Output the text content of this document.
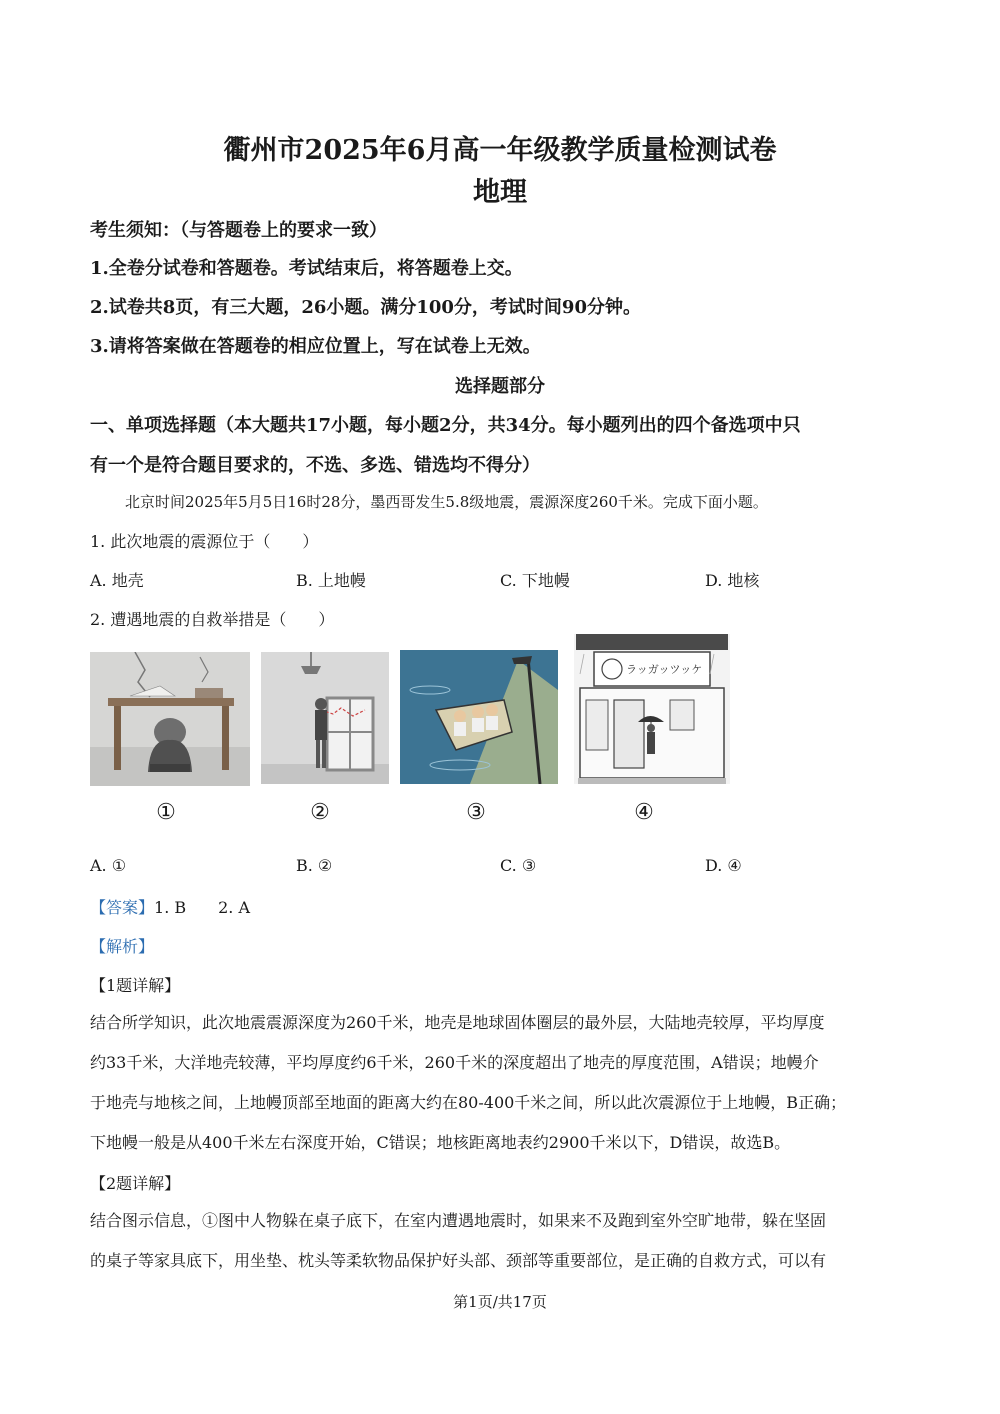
衢州市2025年6月高一年级教学质量检测试卷
地理
考生须知：（与答题卷上的要求一致）
1.全卷分试卷和答题卷。考试结束后，将答题卷上交。
2.试卷共8页，有三大题，26小题。满分100分，考试时间90分钟。
3.请将答案做在答题卷的相应位置上，写在试卷上无效。
选择题部分
一、单项选择题（本大题共17小题，每小题2分，共34分。每小题列出的四个备选项中只
有一个是符合题目要求的，不选、多选、错选均不得分）
北京时间2025年5月5日16时28分，墨西哥发生5.8级地震，震源深度260千米。完成下面小题。
1. 此次地震的震源位于（　　）
A. 地壳	B. 上地幔	C. 下地幔	D. 地核
2. 遭遇地震的自救举措是（　　）
ラッガッツッケ
①	②	③	④
A. ①	B. ②	C. ③	D. ④
【答案】1. B　　2. A
【解析】
【1题详解】
结合所学知识，此次地震震源深度为260千米，地壳是地球固体圈层的最外层，大陆地壳较厚，平均厚度
约33千米，大洋地壳较薄，平均厚度约6千米，260千米的深度超出了地壳的厚度范围，A错误；地幔介
于地壳与地核之间，上地幔顶部至地面的距离大约在80-400千米之间，所以此次震源位于上地幔，B正确；
下地幔一般是从400千米左右深度开始，C错误；地核距离地表约2900千米以下，D错误，故选B。
【2题详解】
结合图示信息，①图中人物躲在桌子底下，在室内遭遇地震时，如果来不及跑到室外空旷地带，躲在坚固
的桌子等家具底下，用坐垫、枕头等柔软物品保护好头部、颈部等重要部位，是正确的自救方式，可以有
第1页/共17页
